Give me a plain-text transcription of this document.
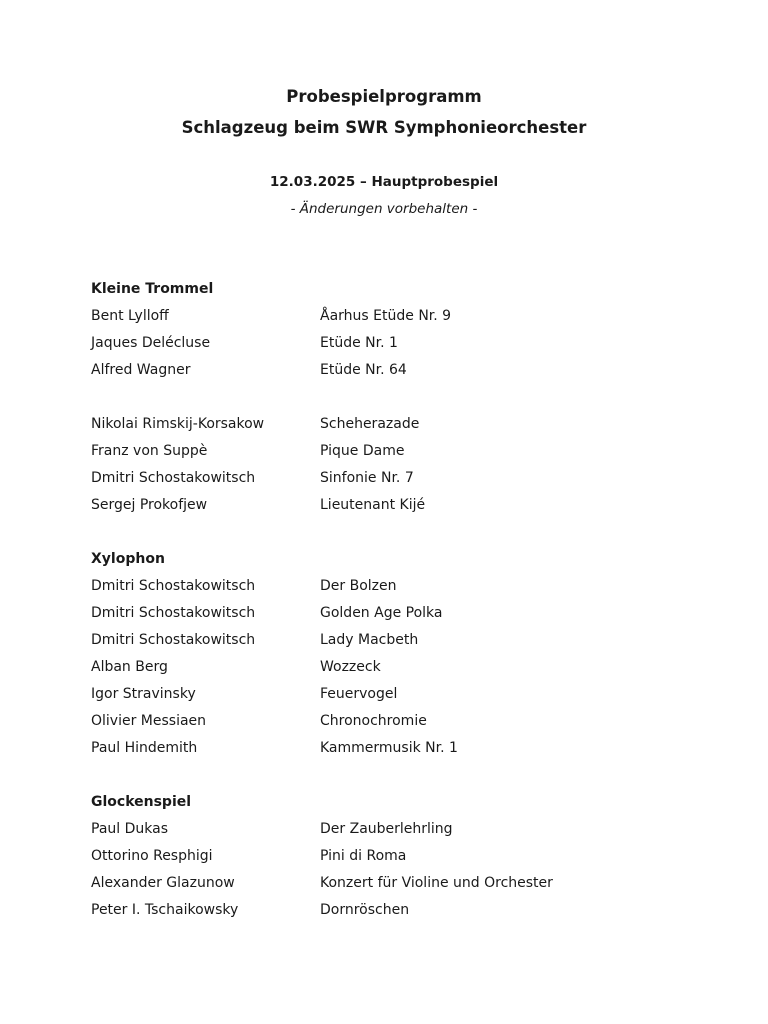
Probespielprogramm
Schlagzeug beim SWR Symphonieorchester
12.03.2025 – Hauptprobespiel
- Änderungen vorbehalten -
Kleine Trommel
Bent Lylloff	Åarhus Etüde Nr. 9
Jaques Delécluse	Etüde Nr. 1
Alfred Wagner	Etüde Nr. 64
Nikolai Rimskij-Korsakow	Scheherazade
Franz von Suppè	Pique Dame
Dmitri Schostakowitsch	Sinfonie Nr. 7
Sergej Prokofjew	Lieutenant Kijé
Xylophon
Dmitri Schostakowitsch	Der Bolzen
Dmitri Schostakowitsch	Golden Age Polka
Dmitri Schostakowitsch	Lady Macbeth
Alban Berg	Wozzeck
Igor Stravinsky	Feuervogel
Olivier Messiaen	Chronochromie
Paul Hindemith	Kammermusik Nr. 1
Glockenspiel
Paul Dukas	Der Zauberlehrling
Ottorino Resphigi	Pini di Roma
Alexander Glazunow	Konzert für Violine und Orchester
Peter I. Tschaikowsky	Dornröschen
